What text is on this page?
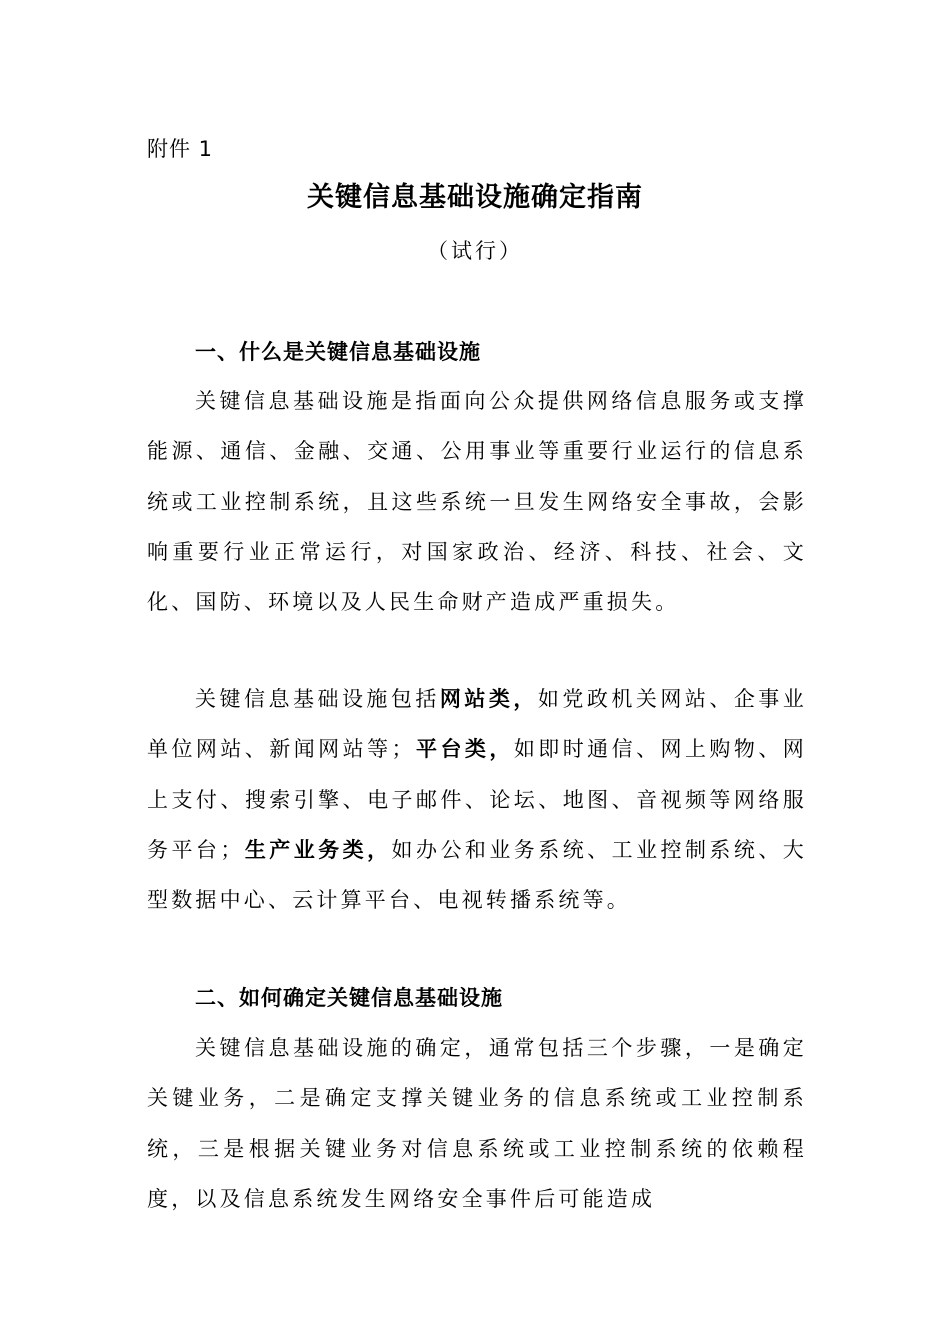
附件 1
关键信息基础设施确定指南
（试行）
一、什么是关键信息基础设施

关键信息基础设施是指面向公众提供网络信息服务或支撑能源、通信、金融、交通、公用事业等重要行业运行的信息系统或工业控制系统，且这些系统一旦发生网络安全事故，会影响重要行业正常运行，对国家政治、经济、科技、社会、文化、国防、环境以及人民生命财产造成严重损失。

关键信息基础设施包括网站类，如党政机关网站、企事业单位网站、新闻网站等；平台类，如即时通信、网上购物、网上支付、搜索引擎、电子邮件、论坛、地图、音视频等网络服务平台；生产业务类，如办公和业务系统、工业控制系统、大型数据中心、云计算平台、电视转播系统等。

二、如何确定关键信息基础设施

关键信息基础设施的确定，通常包括三个步骤，一是确定关键业务，二是确定支撑关键业务的信息系统或工业控制系统，三是根据关键业务对信息系统或工业控制系统的依赖程度，以及信息系统发生网络安全事件后可能造成
